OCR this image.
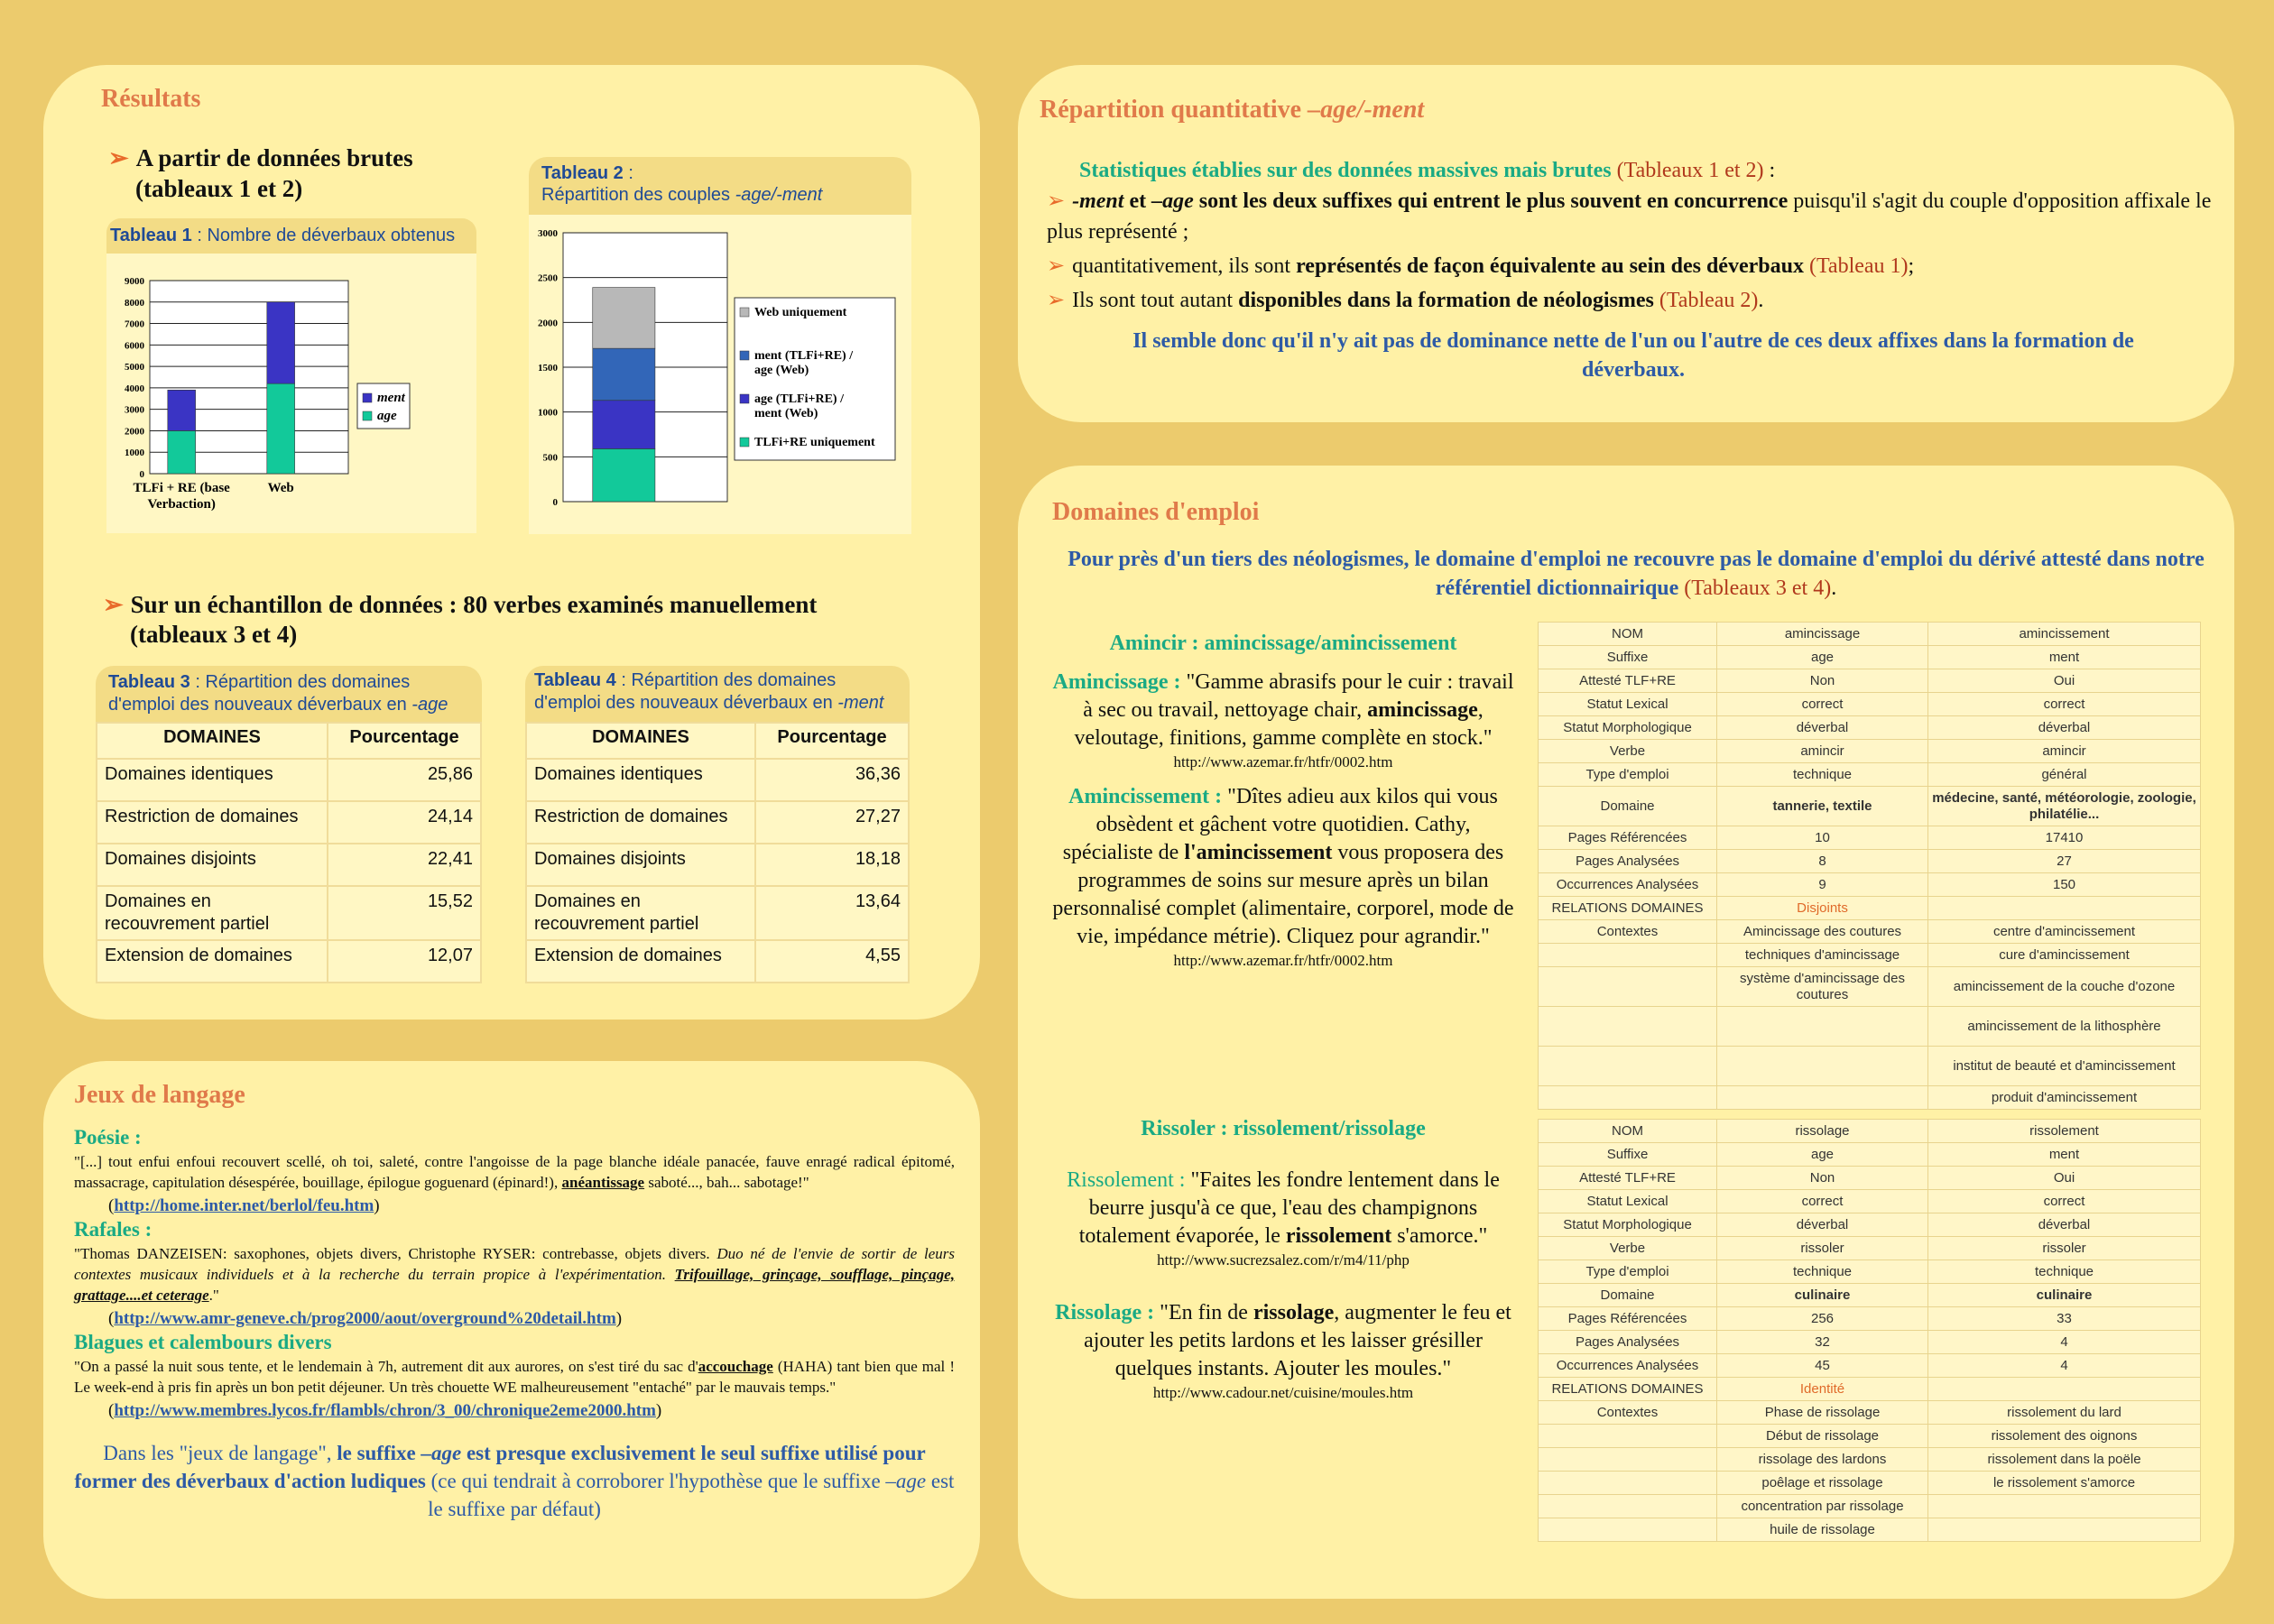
Résultats
➢ A partir de données brutes
(tableaux 1 et 2)
Tableau 1 : Nombre de déverbaux obtenus
0
1000
2000
3000
4000
5000
6000
7000
8000
9000
TLFi + RE (base
Verbaction)
Web
ment
age
Tableau 2 :
Répartition des couples -age/-ment
0
500
1000
1500
2000
2500
3000
Web uniquement
ment (TLFi+RE) /
age (Web)
age (TLFi+RE) /
ment (Web)
TLFi+RE uniquement
➢ Sur un échantillon de données : 80 verbes examinés manuellement
(tableaux 3 et 4)
Tableau 3 : Répartition des domaines d'emploi des nouveaux déverbaux en -age
DOMAINES	Pourcentage
Domaines identiques	25,86
Restriction de domaines	24,14
Domaines disjoints	22,41
Domaines en recouvrement partiel	15,52
Extension de domaines	12,07
Tableau 4 : Répartition des domaines d'emploi des nouveaux déverbaux en -ment
DOMAINES	Pourcentage
Domaines identiques	36,36
Restriction de domaines	27,27
Domaines disjoints	18,18
Domaines en recouvrement partiel	13,64
Extension de domaines	4,55
Jeux de langage
Poésie :
"[...] tout enfui enfoui recouvert scellé, oh toi, saleté, contre l'angoisse de la page blanche idéale panacée, fauve enragé radical épitomé, massacrage, capitulation désespérée, bouillage, épilogue goguenard (épinard!), anéantissage saboté..., bah... sabotage!"
(http://home.inter.net/berlol/feu.htm)
Rafales :
"Thomas DANZEISEN: saxophones, objets divers, Christophe RYSER: contrebasse, objets divers. Duo né de l'envie de sortir de leurs contextes musicaux individuels et à la recherche du terrain propice à l'expérimentation. Trifouillage, grinçage, soufflage, pinçage, grattage....et ceterage."
(http://www.amr-geneve.ch/prog2000/aout/overground%20detail.htm)
Blagues et calembours divers
"On a passé la nuit sous tente, et le lendemain à 7h, autrement dit aux aurores, on s'est tiré du sac d'accouchage (HAHA) tant bien que mal ! Le week-end à pris fin après un bon petit déjeuner. Un très chouette WE malheureusement "entaché" par le mauvais temps."
(http://www.membres.lycos.fr/flambls/chron/3_00/chronique2eme2000.htm)
Dans les "jeux de langage", le suffixe –age est presque exclusivement le seul suffixe utilisé pour former des déverbaux d'action ludiques (ce qui tendrait à corroborer l'hypothèse que le suffixe –age est le suffixe par défaut)
Répartition quantitative –age/-ment
Statistiques établies sur des données massives mais brutes (Tableaux 1 et 2) :
➢ -ment et –age sont les deux suffixes qui entrent le plus souvent en concurrence puisqu'il s'agit du couple d'opposition affixale le plus représenté ;
➢ quantitativement, ils sont représentés de façon équivalente au sein des déverbaux (Tableau 1);
➢ Ils sont tout autant disponibles dans la formation de néologismes (Tableau 2).
Il semble donc qu'il n'y ait pas de dominance nette de l'un ou l'autre de ces deux affixes dans la formation de déverbaux.
Domaines d'emploi
Pour près d'un tiers des néologismes, le domaine d'emploi ne recouvre pas le domaine d'emploi du dérivé attesté dans notre référentiel dictionnairique (Tableaux 3 et 4).
Amincir : amincissage/amincissement
Amincissage : "Gamme abrasifs pour le cuir : travail à sec ou travail, nettoyage chair, amincissage, veloutage, finitions, gamme complète en stock."
http://www.azemar.fr/htfr/0002.htm
Amincissement : "Dîtes adieu aux kilos qui vous obsèdent et gâchent votre quotidien. Cathy, spécialiste de l'amincissement vous proposera des programmes de soins sur mesure après un bilan personnalisé complet (alimentaire, corporel, mode de vie, impédance métrie). Cliquez pour agrandir."
http://www.azemar.fr/htfr/0002.htm
Rissoler : rissolement/rissolage
Rissolement : "Faites les fondre lentement dans le beurre jusqu'à ce que, l'eau des champignons totalement évaporée, le rissolement s'amorce."
http://www.sucrezsalez.com/r/m4/11/php
Rissolage : "En fin de rissolage, augmenter le feu et ajouter les petits lardons et les laisser grésiller quelques instants. Ajouter les moules."
http://www.cadour.net/cuisine/moules.htm
NOM	amincissage	amincissement
Suffixe	age	ment
Attesté TLF+RE	Non	Oui
Statut Lexical	correct	correct
Statut Morphologique	déverbal	déverbal
Verbe	amincir	amincir
Type d'emploi	technique	général
Domaine	tannerie, textile	médecine, santé, météorologie, zoologie, philatélie...
Pages Référencées	10	17410
Pages Analysées	8	27
Occurrences Analysées	9	150
RELATIONS DOMAINES	Disjoints	
Contextes	Amincissage des coutures	centre d'amincissement
	techniques d'amincissage	cure d'amincissement
	système d'amincissage des coutures	amincissement de la couche d'ozone
		amincissement de la lithosphère
		institut de beauté et d'amincissement
		produit d'amincissement
NOM	rissolage	rissolement
Suffixe	age	ment
Attesté TLF+RE	Non	Oui
Statut Lexical	correct	correct
Statut Morphologique	déverbal	déverbal
Verbe	rissoler	rissoler
Type d'emploi	technique	technique
Domaine	culinaire	culinaire
Pages Référencées	256	33
Pages Analysées	32	4
Occurrences Analysées	45	4
RELATIONS DOMAINES	Identité	
Contextes	Phase de rissolage	rissolement du lard
	Début de rissolage	rissolement des oignons
	rissolage des lardons	rissolement dans la poële
	poêlage et rissolage	le rissolement s'amorce
	concentration par rissolage	
	huile de rissolage	
